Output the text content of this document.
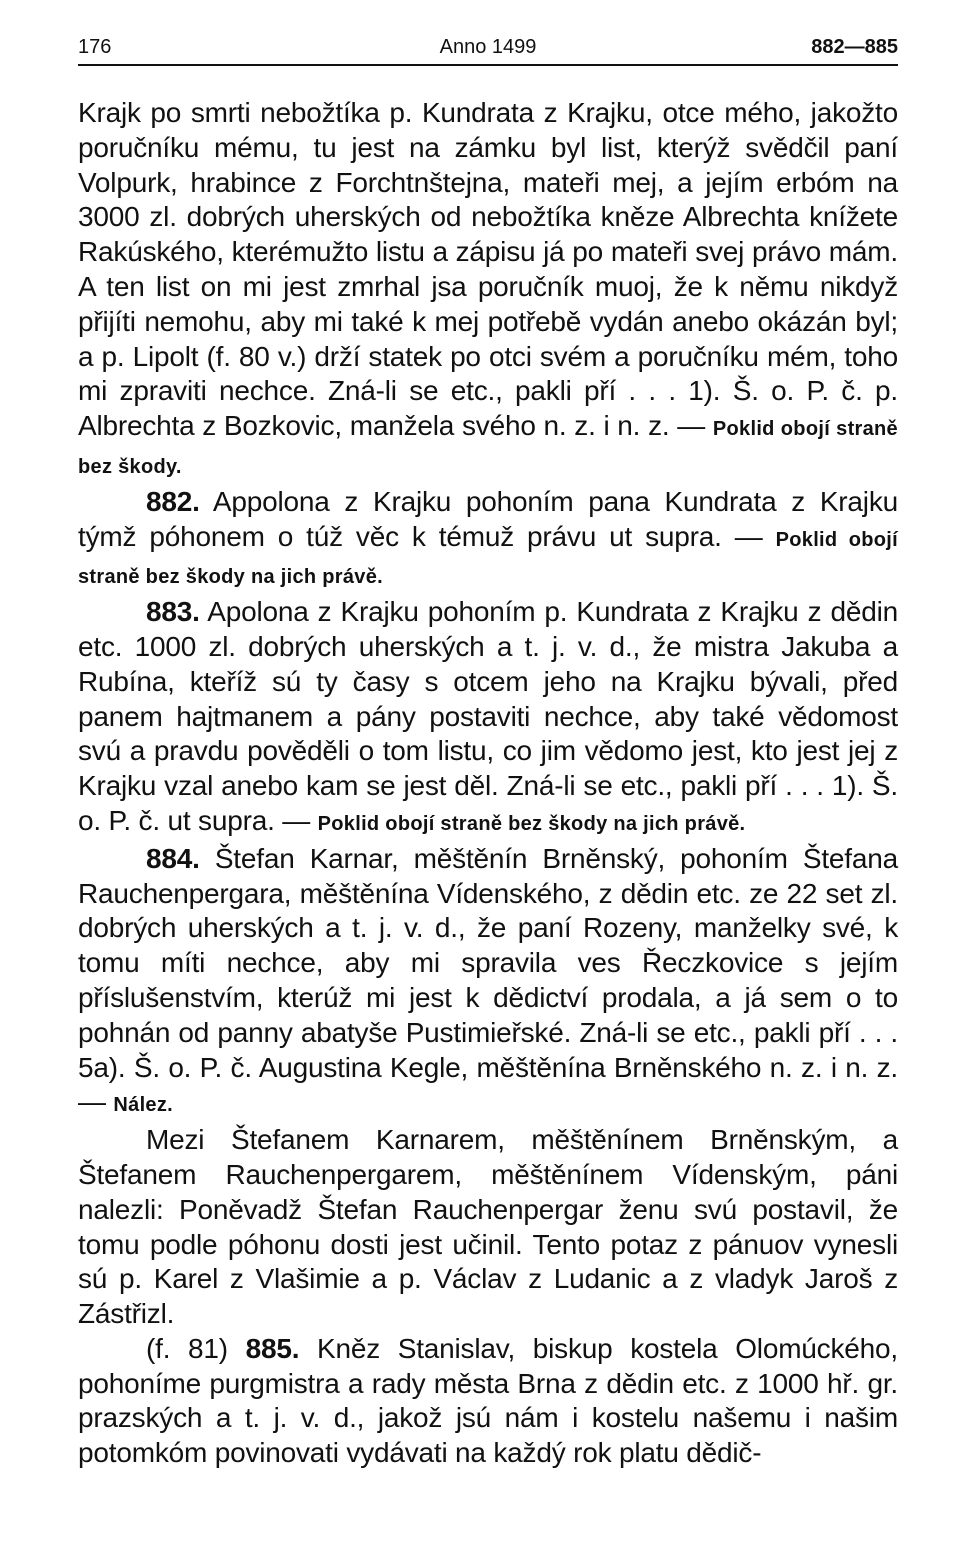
176	Anno 1499	882—885

Krajk po smrti nebožtíka p. Kundrata z Krajku, otce mého, jakožto poručníku mému, tu jest na zámku byl list, kterýž svědčil paní Volpurk, hrabince z Forchtnštejna, mateři mej, a jejím erbóm na 3000 zl. dobrých uherských od nebožtíka kněze Albrechta knížete Rakúského, kterémužto listu a zápisu já po mateři svej právo mám. A ten list on mi jest zmrhal jsa poručník muoj, že k němu nikdyž přijíti nemohu, aby mi také k mej potřebě vydán anebo okázán byl; a p. Lipolt (f. 80 v.) drží statek po otci svém a poručníku mém, toho mi zpraviti nechce. Zná-li se etc., pakli pří . . . 1). Š. o. P. č. p. Albrechta z Bozkovic, manžela svého n. z. i n. z. — Poklid obojí straně bez škody.

882. Appolona z Krajku pohoním pana Kundrata z Krajku týmž póhonem o túž věc k témuž právu ut supra. — Poklid obojí straně bez škody na jich právě.

883. Apolona z Krajku pohoním p. Kundrata z Krajku z dědin etc. 1000 zl. dobrých uherských a t. j. v. d., že mistra Jakuba a Rubína, kteříž sú ty časy s otcem jeho na Krajku bývali, před panem hajtmanem a pány postaviti nechce, aby také vědomost svú a pravdu pověděli o tom listu, co jim vědomo jest, kto jest jej z Krajku vzal anebo kam se jest děl. Zná-li se etc., pakli pří . . . 1). Š. o. P. č. ut supra. — Poklid obojí straně bez škody na jich právě.

884. Štefan Karnar, měštěnín Brněnský, pohoním Štefana Rauchenpergara, měštěnína Vídenského, z dědin etc. ze 22 set zl. dobrých uherských a t. j. v. d., že paní Rozeny, manželky své, k tomu míti nechce, aby mi spravila ves Řeczkovice s jejím příslušenstvím, kterúž mi jest k dědictví prodala, a já sem o to pohnán od panny abatyše Pustimieřské. Zná-li se etc., pakli pří . . . 5a). Š. o. P. č. Augustina Kegle, měštěnína Brněnského n. z. i n. z. — Nález.

Mezi Štefanem Karnarem, měštěnínem Brněnským, a Štefanem Rauchenpergarem, měštěnínem Vídenským, páni nalezli: Poněvadž Štefan Rauchenpergar ženu svú postavil, že tomu podle póhonu dosti jest učinil. Tento potaz z pánuov vynesli sú p. Karel z Vlašimie a p. Václav z Ludanic a z vladyk Jaroš z Zástřizl.

(f. 81) 885. Kněz Stanislav, biskup kostela Olomúckého, pohoníme purgmistra a rady města Brna z dědin etc. z 1000 hř. gr. prazských a t. j. v. d., jakož jsú nám i kostelu našemu i našim potomkóm povinovati vydávati na každý rok platu dědič-
